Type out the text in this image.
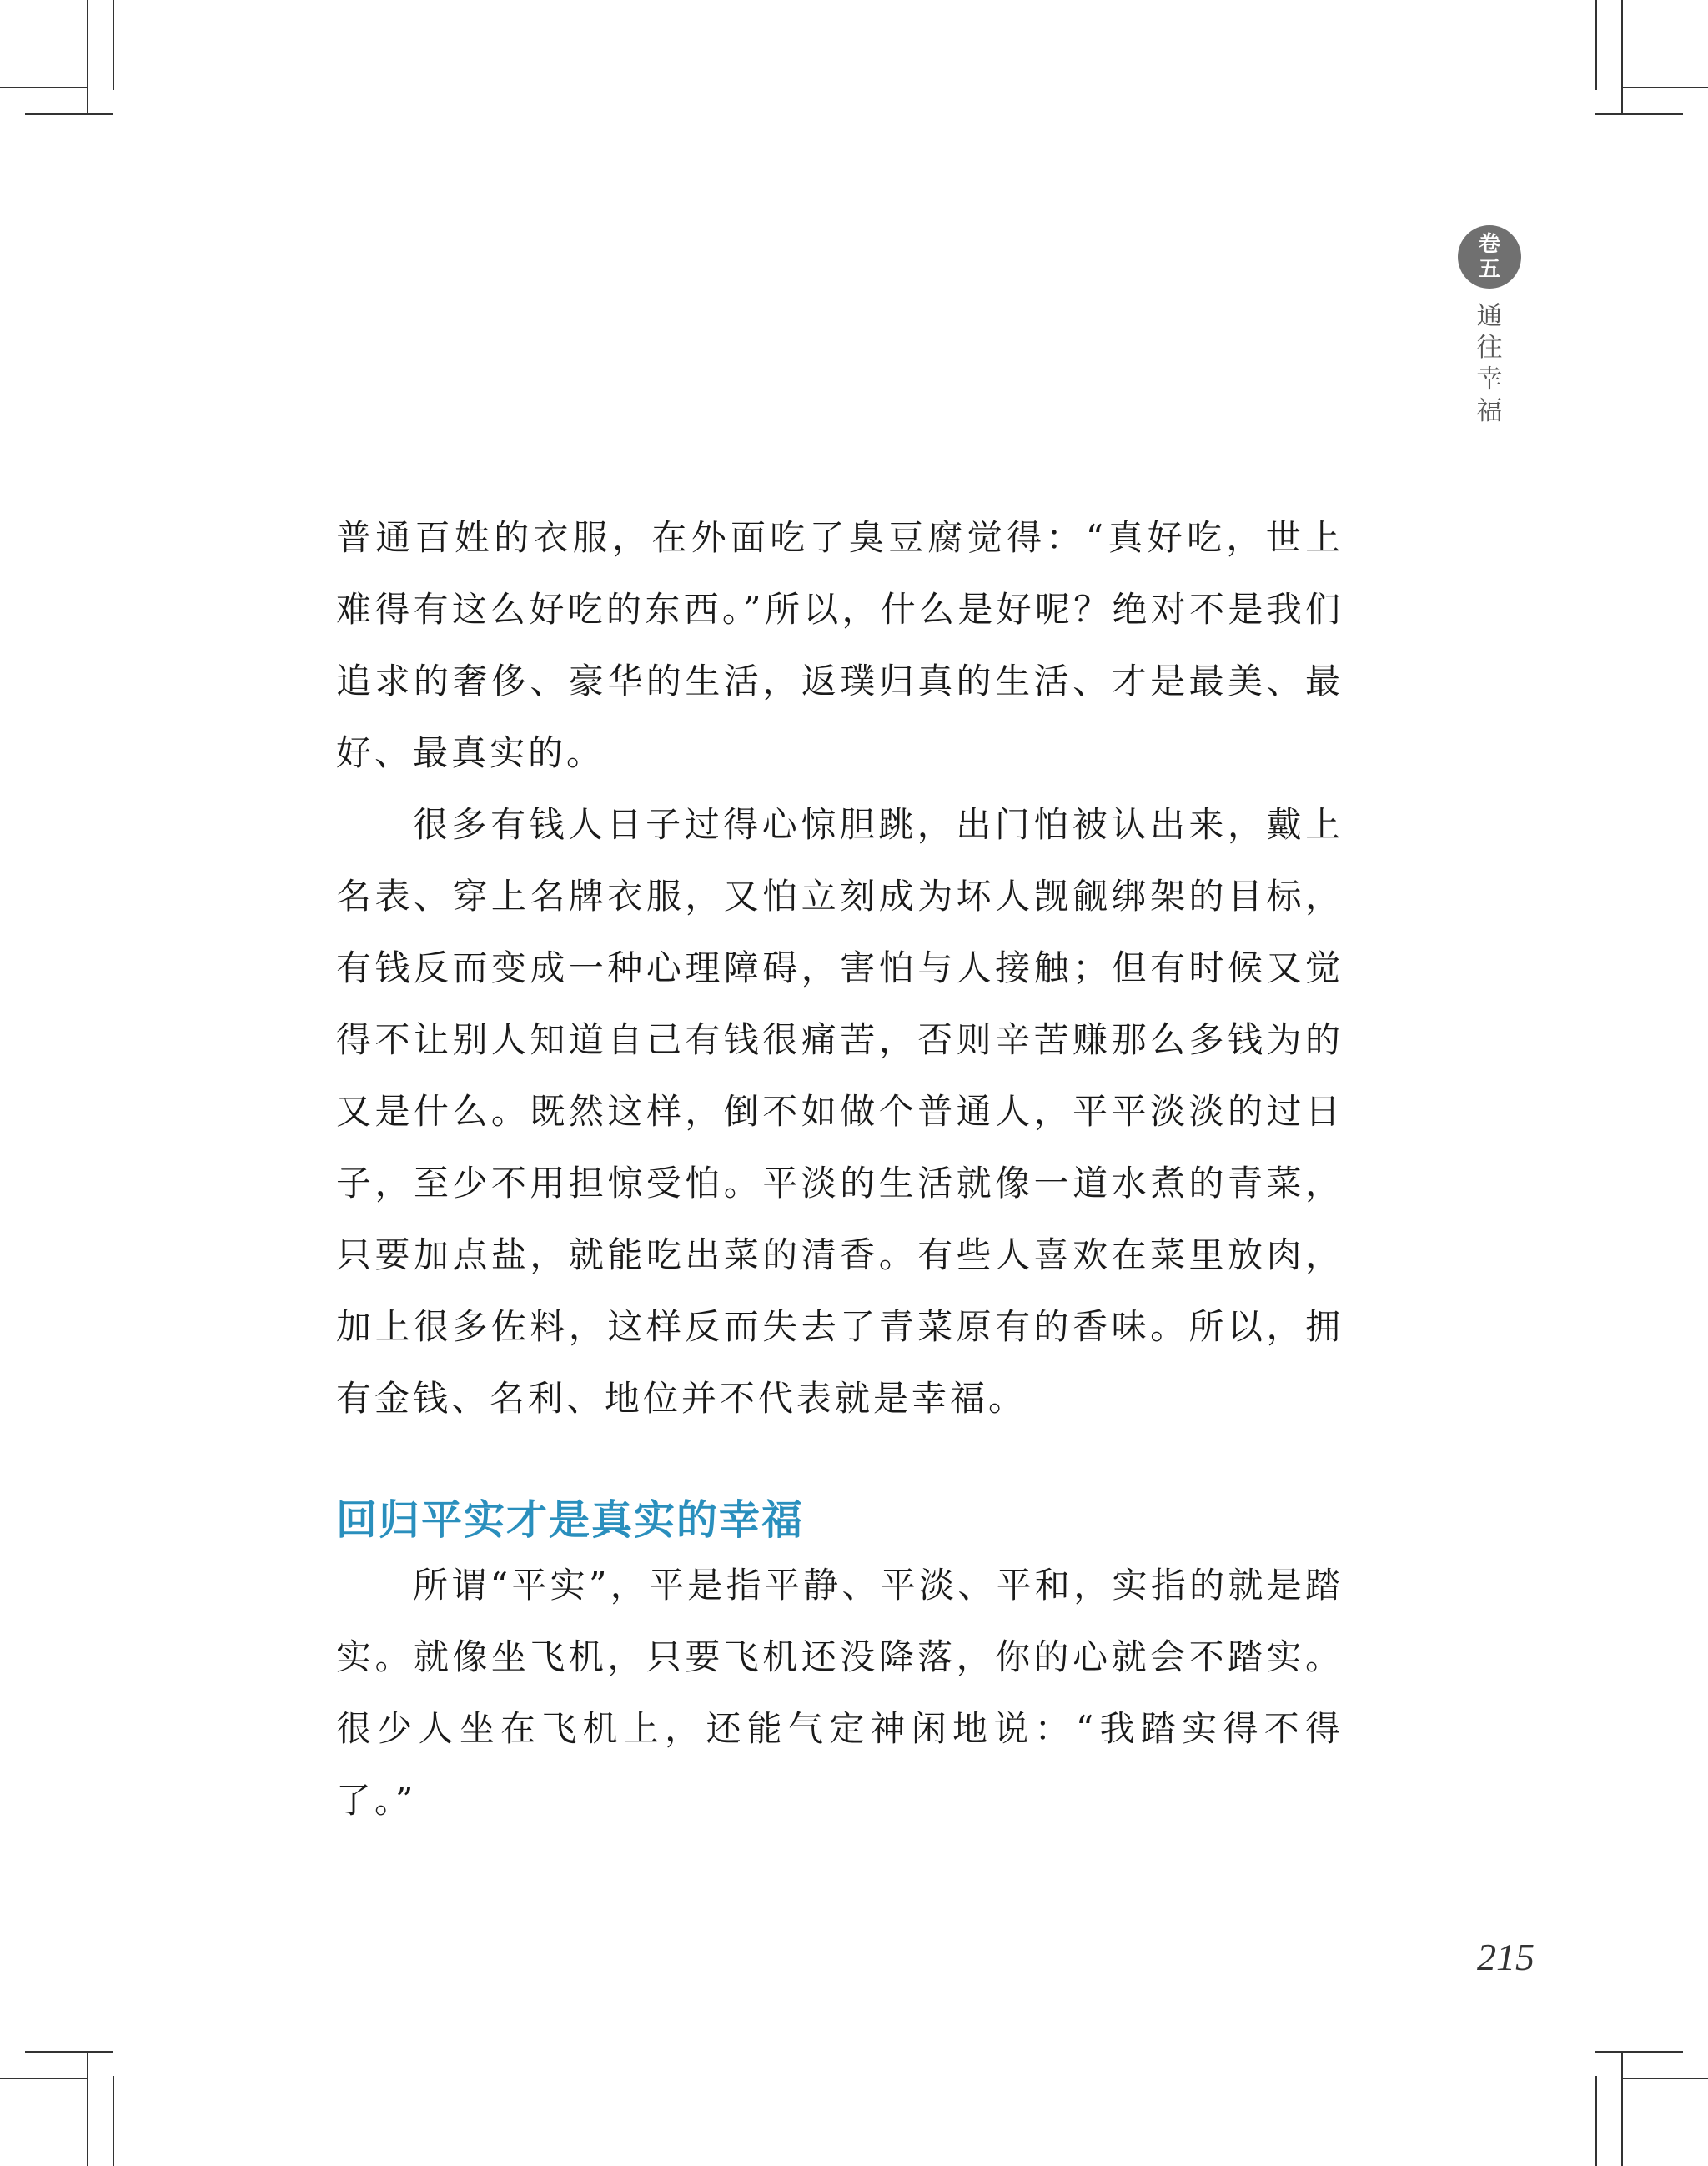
卷
五
通
往
幸
福

普通百姓的衣服，在外面吃了臭豆腐觉得：“真好吃，世上难得有这么好吃的东西。”所以，什么是好呢？绝对不是我们追求的奢侈、豪华的生活，返璞归真的生活、才是最美、最好、最真实的。

很多有钱人日子过得心惊胆跳，出门怕被认出来，戴上名表、穿上名牌衣服，又怕立刻成为坏人觊觎绑架的目标，有钱反而变成一种心理障碍，害怕与人接触；但有时候又觉得不让别人知道自己有钱很痛苦，否则辛苦赚那么多钱为的又是什么。既然这样，倒不如做个普通人，平平淡淡的过日子，至少不用担惊受怕。平淡的生活就像一道水煮的青菜，只要加点盐，就能吃出菜的清香。有些人喜欢在菜里放肉，加上很多佐料，这样反而失去了青菜原有的香味。所以，拥有金钱、名利、地位并不代表就是幸福。

回归平实才是真实的幸福

所谓“平实”，平是指平静、平淡、平和，实指的就是踏实。就像坐飞机，只要飞机还没降落，你的心就会不踏实。很少人坐在飞机上，还能气定神闲地说：“我踏实得不得了。”

215
